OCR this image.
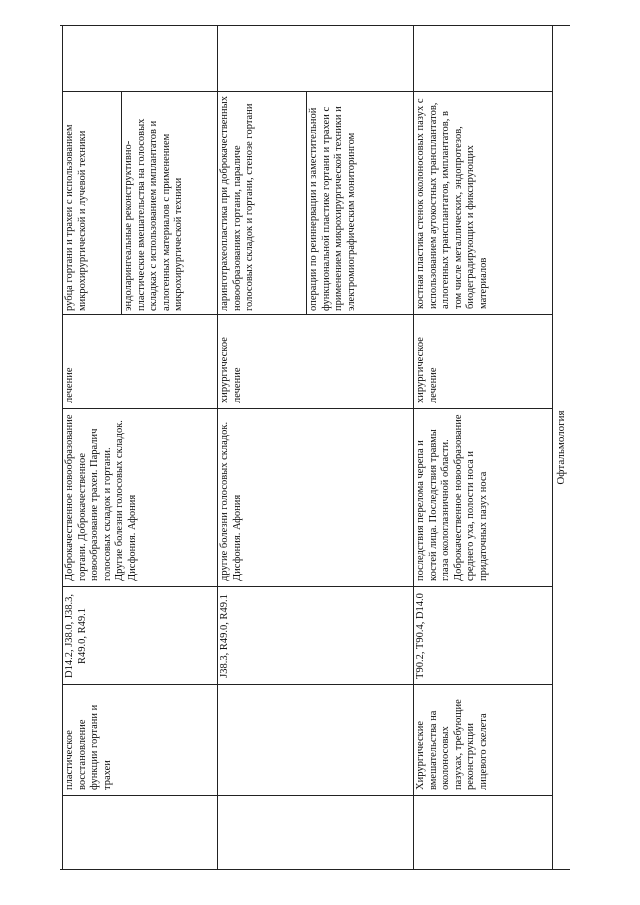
пластическое восстановление функции гортани и трахеи
D14.2, J38.0, J38.3, R49.0, R49.1
Доброкачественное новообразование гортани. Доброкачественное новообразование трахеи. Паралич голосовых складок и гортани. Другие болезни голосовых складок. Дисфония. Афония
лечение
рубца гортани и трахеи с использованием микрохирургической и лучевой техники	эндоларингеальные реконструктивно-пластические вмешательства на голосовых складках с использованием имплантатов и аллогенных материалов с применением микрохирургической техники
J38.3, R49.0, R49.1
другие болезни голосовых складок. Дисфония. Афония
хирургическое лечение
ларинготрахеопластика при доброкачественных новообразованиях гортани, параличе голосовых складок и гортани, стенозе гортани	операции по реиннервации и заместительной функциональной пластике гортани и трахеи с применением микрохирургической техники и электромиографическим мониторингом
Хирургические вмешательства на околоносовых пазухах, требующие реконструкции лицевого скелета
T90.2, T90.4, D14.0
последствия перелома черепа и костей лица. Последствия травмы глаза окологлазничной области. Доброкачественное новообразование среднего уха, полости носа и придаточных пазух носа
хирургическое лечение
костная пластика стенок околоносовых пазух с использованием аутокостных трансплантатов, аллогенных трансплантатов, имплантатов, в том числе металлических, эндопротезов, биодеградирующих и фиксирующих материалов
Офтальмология
